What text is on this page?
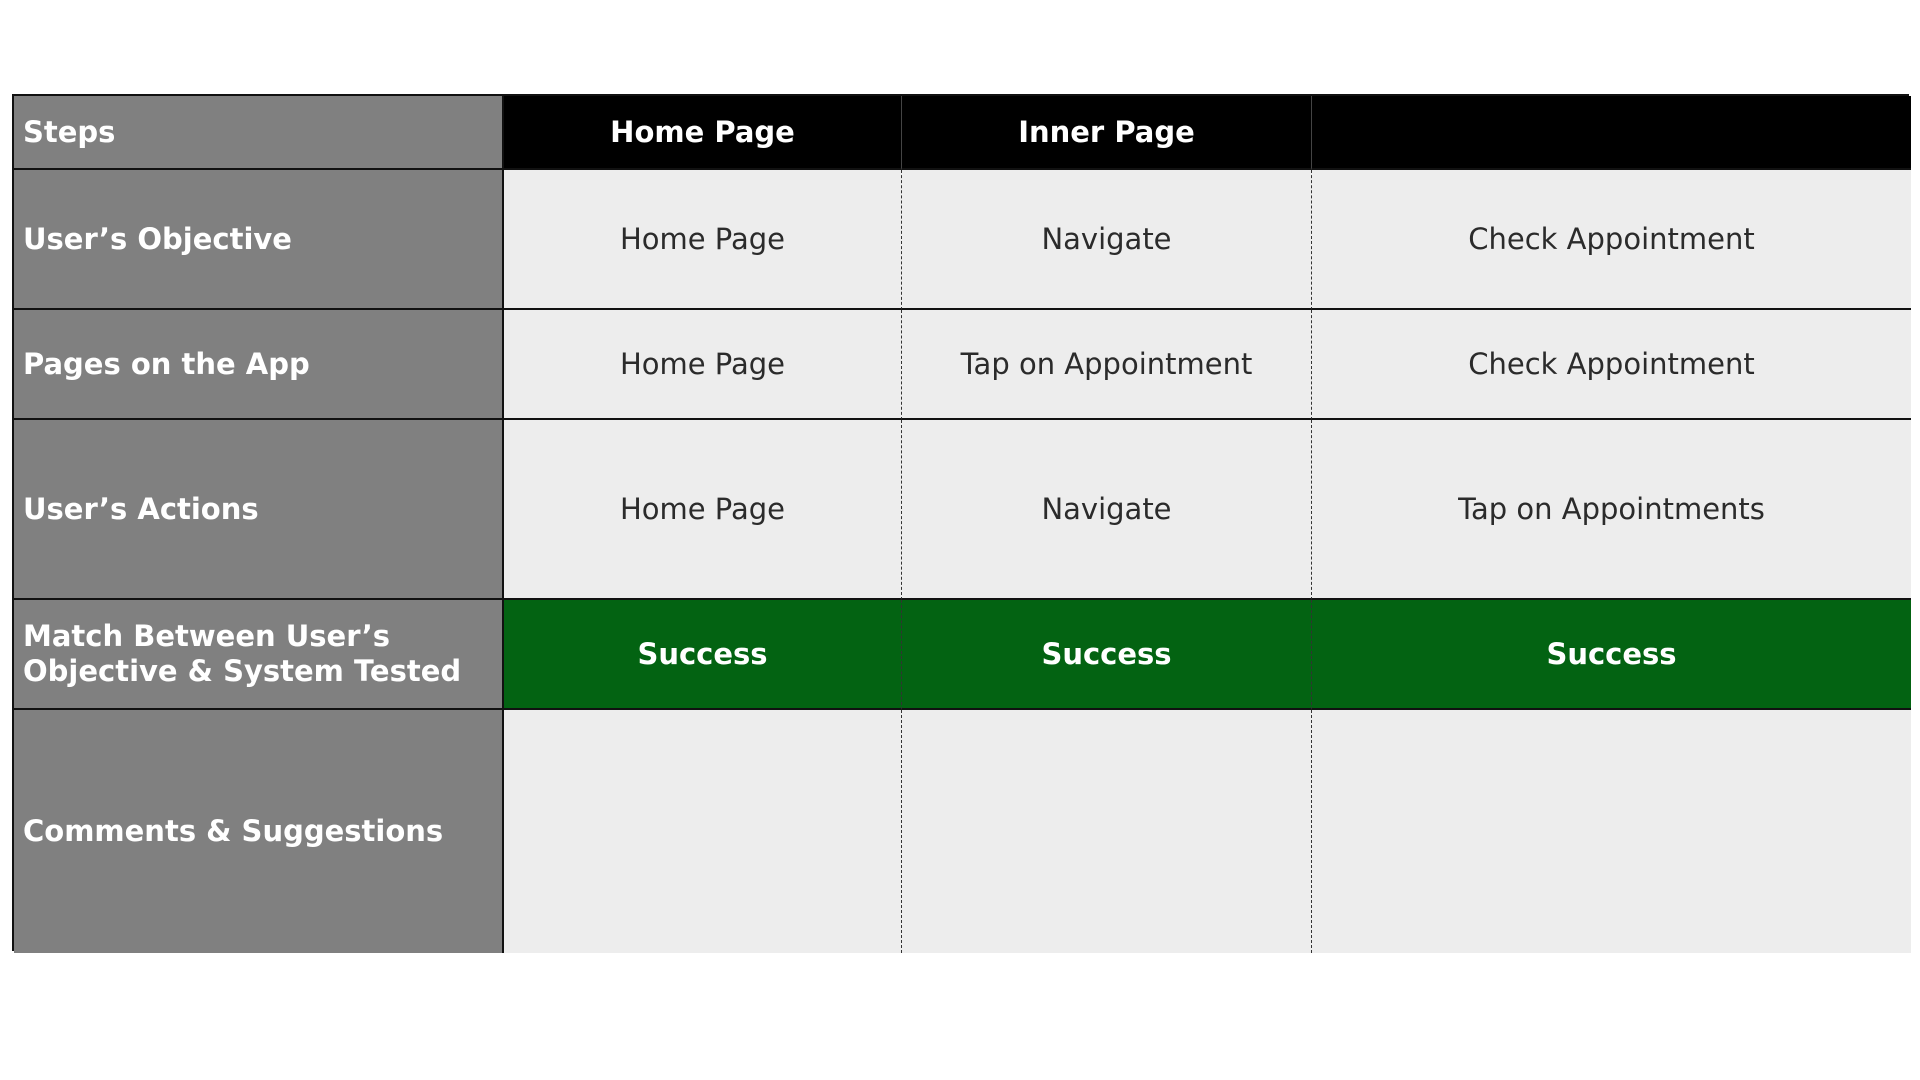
Steps	Home Page	Inner Page
User’s Objective	Home Page	Navigate	Check Appointment
Pages on the App	Home Page	Tap on Appointment	Check Appointment
User’s Actions	Home Page	Navigate	Tap on Appointments
Match Between User’s Objective & System Tested	Success	Success	Success
Comments & Suggestions
